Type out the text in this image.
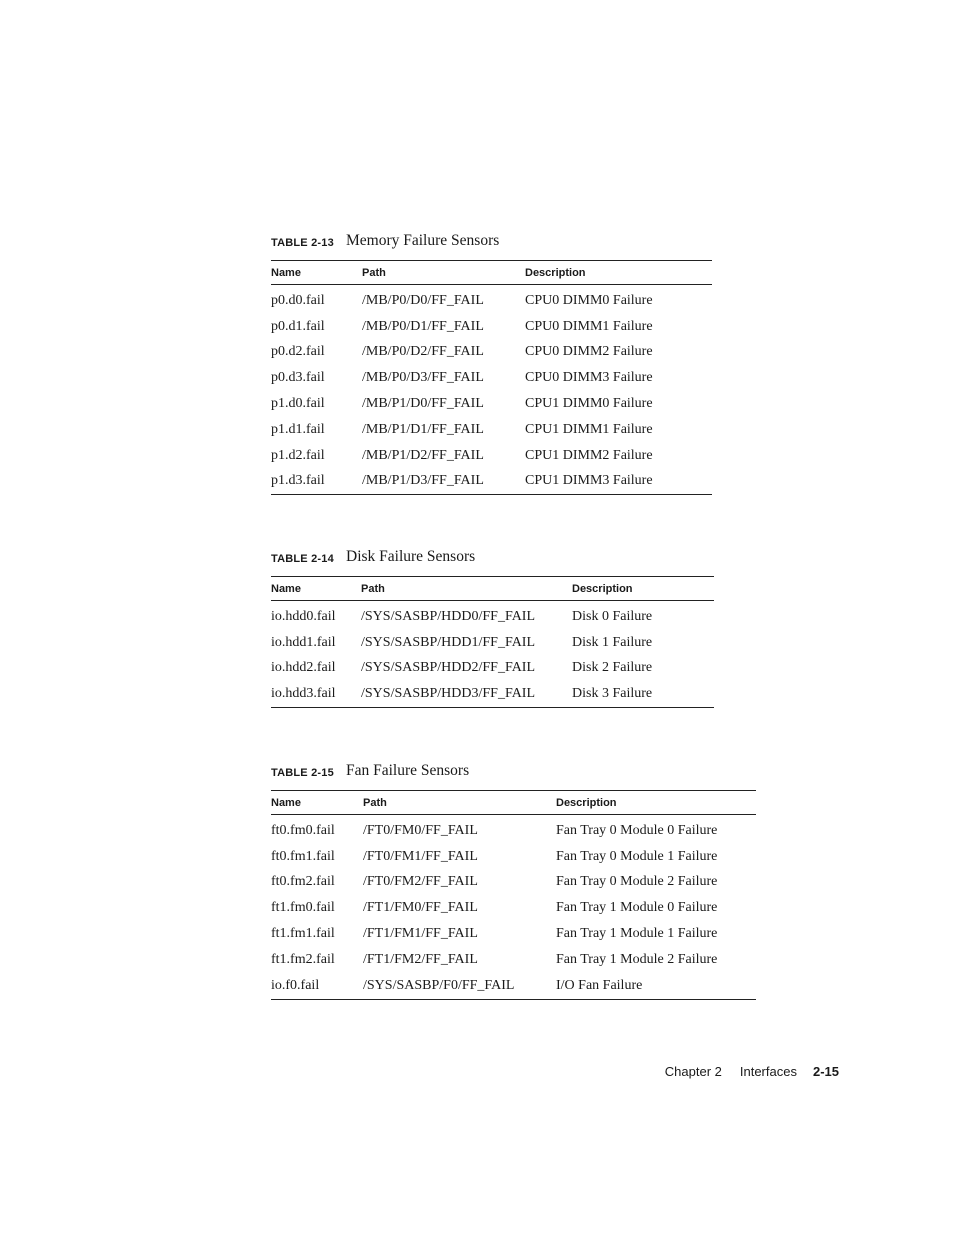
TABLE 2-13 Memory Failure Sensors
Name	Path	Description
p0.d0.fail	/MB/P0/D0/FF_FAIL	CPU0 DIMM0 Failure
p0.d1.fail	/MB/P0/D1/FF_FAIL	CPU0 DIMM1 Failure
p0.d2.fail	/MB/P0/D2/FF_FAIL	CPU0 DIMM2 Failure
p0.d3.fail	/MB/P0/D3/FF_FAIL	CPU0 DIMM3 Failure
p1.d0.fail	/MB/P1/D0/FF_FAIL	CPU1 DIMM0 Failure
p1.d1.fail	/MB/P1/D1/FF_FAIL	CPU1 DIMM1 Failure
p1.d2.fail	/MB/P1/D2/FF_FAIL	CPU1 DIMM2 Failure
p1.d3.fail	/MB/P1/D3/FF_FAIL	CPU1 DIMM3 Failure
TABLE 2-14 Disk Failure Sensors
Name	Path	Description
io.hdd0.fail	/SYS/SASBP/HDD0/FF_FAIL	Disk 0 Failure
io.hdd1.fail	/SYS/SASBP/HDD1/FF_FAIL	Disk 1 Failure
io.hdd2.fail	/SYS/SASBP/HDD2/FF_FAIL	Disk 2 Failure
io.hdd3.fail	/SYS/SASBP/HDD3/FF_FAIL	Disk 3 Failure
TABLE 2-15 Fan Failure Sensors
Name	Path	Description
ft0.fm0.fail	/FT0/FM0/FF_FAIL	Fan Tray 0 Module 0 Failure
ft0.fm1.fail	/FT0/FM1/FF_FAIL	Fan Tray 0 Module 1 Failure
ft0.fm2.fail	/FT0/FM2/FF_FAIL	Fan Tray 0 Module 2 Failure
ft1.fm0.fail	/FT1/FM0/FF_FAIL	Fan Tray 1 Module 0 Failure
ft1.fm1.fail	/FT1/FM1/FF_FAIL	Fan Tray 1 Module 1 Failure
ft1.fm2.fail	/FT1/FM2/FF_FAIL	Fan Tray 1 Module 2 Failure
io.f0.fail	/SYS/SASBP/F0/FF_FAIL	I/O Fan Failure
Chapter 2 Interfaces 2-15
